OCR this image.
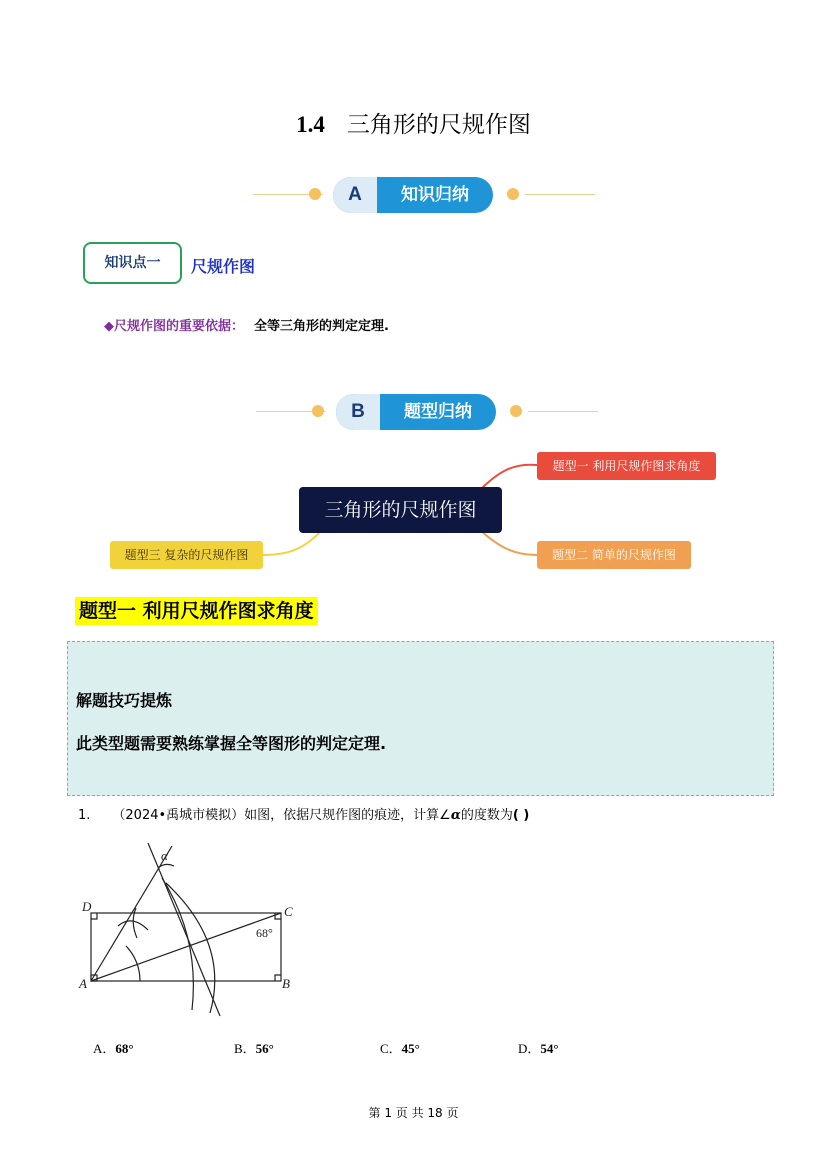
1.4 三角形的尺规作图
A	知识归纳
知识点一	尺规作图
◆尺规作图的重要依据： 全等三角形的判定定理.
B	题型归纳
三角形的尺规作图
题型一 利用尺规作图求角度
题型二 简单的尺规作图
题型三 复杂的尺规作图
题型一 利用尺规作图求角度
解题技巧提炼
此类型题需要熟练掌握全等图形的判定定理.
1. （2024•禹城市模拟）如图，依据尺规作图的痕迹，计算∠α的度数为( )
D	C
B
A
α
68°
A．68°	B．56°	C．45°	D．54°
第 1 页 共 18 页
